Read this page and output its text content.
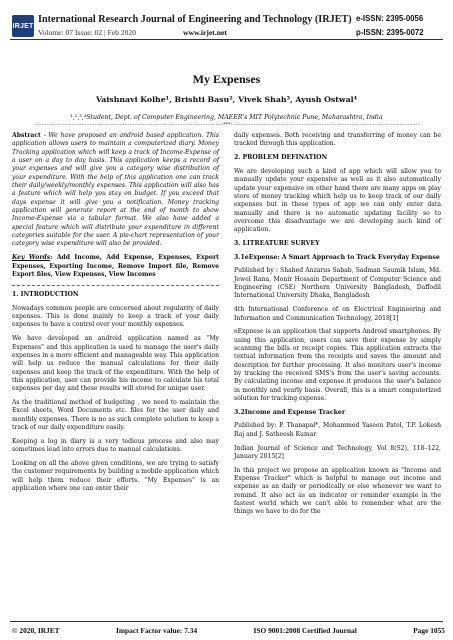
IRJET
International Research Journal of Engineering and Technology (IRJET)
Volume: 07 Issue: 02 | Feb 2020	www.irjet.net
e-ISSN: 2395-0056
p-ISSN: 2395-0072
My Expenses
Vaishnavi Kolhe¹, Brishti Basu², Vivek Shah³, Ayush Ostwal⁴
¹,²,³,⁴Student, Dept. of Computer Engineering, MAEER's MIT Polytechnic Pune, Maharashtra, India
---------------------------------------------------------------------------***---------------------------------------------------------------------------

Abstract - We have proposed an android based application. This application allows users to maintain a computerized diary. Money Tracking application which will keep a track of Income-Expense of a user on a day to day basis. This application keeps a record of your expenses and will give you a category wise distribution of your expenditure. With the help of this application one can track their daily/weekly/monthly expenses. This application will also has a feature which will help you stay on budget. If you exceed that days expense it will give you a notification. Money tracking application will generate report at the end of month to show Income-Expense via a tabular format. We also have added a special feature which will distribute your expenditure in different categories suitable for the user. A pie-chart representation of your category wise expenditure will also be provided.

Key Words: Add Income, Add Expense, Expenses, Export Expenses, Exporting Income, Remove Import file, Remove Export files, View Expenses, View Incomes

1. INTRODUCTION

Nowadays common people are concerned about regularity of daily expenses. This is done mainly to keep a track of your daily expenses to have a control over your monthly expenses.

We have developed an android application named as "My Expenses" and this application is used to manage the user's daily expenses in a more efficient and manageable way. This application will help us reduce the manual calculations for their daily expenses and keep the track of the expenditure. With the help of this application, user can provide his income to calculate his total expenses per day and these results will stored for unique user.

As the traditional method of budgeting , we need to maintain the Excel sheets, Word Documents etc. files for the user daily and monthly expenses. There is no as such complete solution to keep a track of our daily expenditure easily.

Keeping a log in diary is a very tedious process and also may sometimes lead into errors due to manual calculations.

Looking on all the above given conditions, we are trying to satisfy the customer requirements by building a mobile application which will help them reduce their efforts. "My Expenses" is an application where one can enter their

daily expenses. Both receiving and transferring of money can be tracked through this application.

2. PROBLEM DEFINATION

We are developing such a kind of app which will allow you to manually update your expensive as well as it also automatically update your expensive on other hand there are many apps on play store of money tracking which help us to keep track of our daily expenses but in these types of app we can only enter data manually and there is no automatic updating facility so to overcome this disadvantage we are developing such kind of application.

3. LITREATURE SURVEY
3.1eExpense: A Smart Approach to Track Everyday Expense

Published by : Shahed Anzarus Sabab, Sadman Saumik Islam, Md. Jewel Rana, Monir Hossain Department of Computer Science and Engineering (CSE) Northern University Bangladesh, Daffodil International University Dhaka, Bangladesh

4th International Conference of on Electrical Engineering and Information and Communication Technology, 2018[1]

eExpnese is an application that supports Android smartphones. By using this application, users can save their expense by simply scanning the bills or receipt copies. This application extracts the textual information from the receipts and saves the amount and description for further processing. It also monitors user's income by tracking the received SMS's from the user's saving accounts. By calculating income and expense it produces the user's balance in monthly and yearly basis. Overall, this is a smart computerized solution for tracking expense.

3.2Income and Expense Tracker

Published by: P. Thanapal*, Mohammed Yaseen Patel, T.P. Lokesh Raj and J. Satheesh Kumar

Indian Journal of Science and Technology, Vol 8(S2), 118–122, January 2015[2]

In this project we propose an application known as "Income and Expense Tracker" which is helpful to manage out income and expense as an daily or periodically or else whenever we want to remind. It also act as an indicator or reminder example in the fastest world which we can't able to remember what are the things we have to do for the

© 2020, IRJET	Impact Factor value: 7.34	ISO 9001:2008 Certified Journal	Page 1055
